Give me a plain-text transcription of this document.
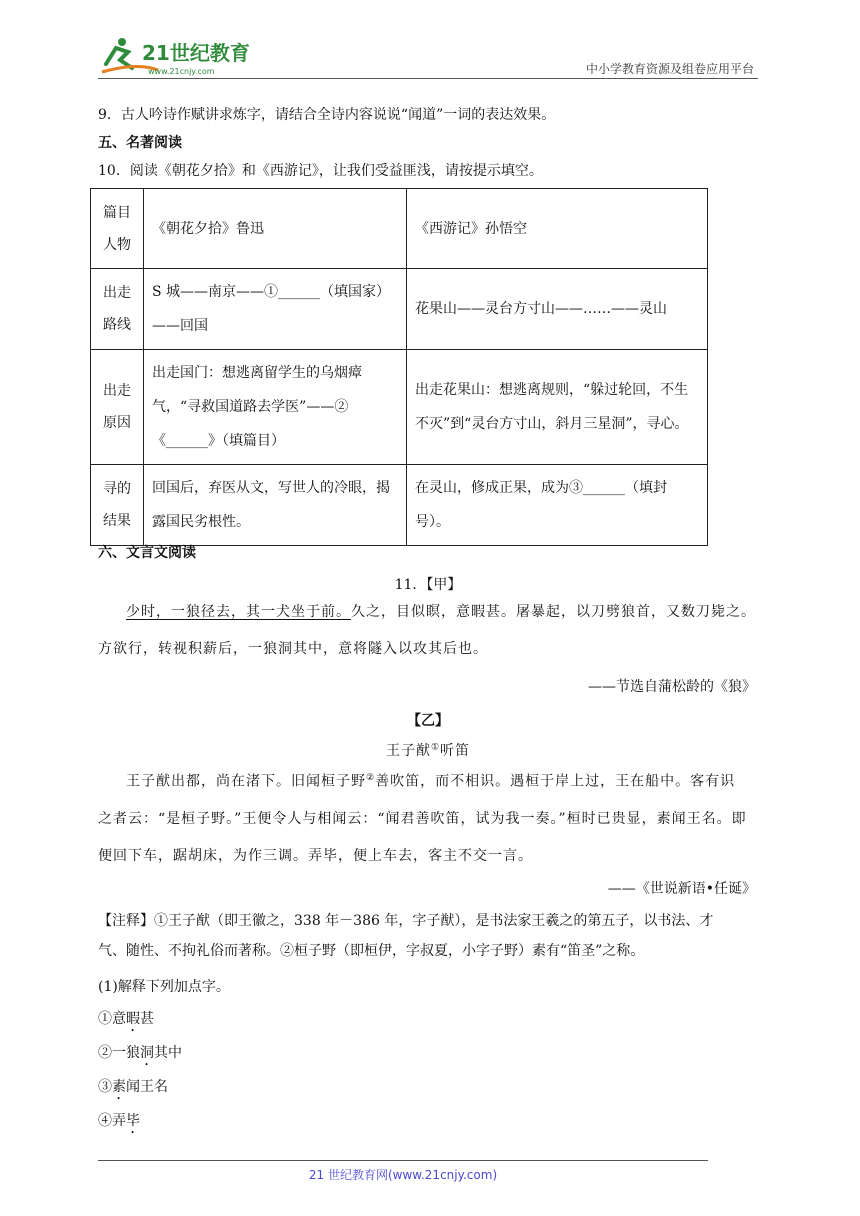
21世纪教育
www.21cnjy.com	中小学教育资源及组卷应用平台
9．古人吟诗作赋讲求炼字，请结合全诗内容说说“闻道”一词的表达效果。
五、名著阅读
10．阅读《朝花夕拾》和《西游记》，让我们受益匪浅，请按提示填空。
篇目人物	《朝花夕拾》鲁迅	《西游记》孙悟空
出走路线	S 城——南京——①______（填国家）——回国	花果山——灵台方寸山——……——灵山
出走原因	出走国门：想逃离留学生的乌烟瘴气，“寻救国道路去学医”——②《______》（填篇目）	出走花果山：想逃离规则，“躲过轮回，不生不灭”到“灵台方寸山，斜月三星洞”，寻心。
寻的结果	回国后，弃医从文，写世人的冷眼，揭露国民劣根性。	在灵山，修成正果，成为③______（填封号）。
六、文言文阅读
11．【甲】
少时，一狼径去，其一犬坐于前。久之，目似瞑，意暇甚。屠暴起，以刀劈狼首，又数刀毙之。方欲行，转视积薪后，一狼洞其中，意将隧入以攻其后也。
——节选自蒲松龄的《狼》
【乙】
王子猷①听笛
王子猷出都，尚在渚下。旧闻桓子野②善吹笛，而不相识。遇桓于岸上过，王在船中。客有识
之者云：“是桓子野。”王便令人与相闻云：“闻君善吹笛，试为我一奏。”桓时已贵显，素闻王名。即
便回下车，踞胡床，为作三调。弄毕，便上车去，客主不交一言。
——《世说新语•任诞》
【注释】①王子猷（即王徽之，338 年－386 年，字子猷），是书法家王羲之的第五子，以书法、才
气、随性、不拘礼俗而著称。②桓子野（即桓伊，字叔夏，小字子野）素有“笛圣”之称。
(1)解释下列加点字。
①意暇甚
②一狼洞其中
③素闻王名
④弄毕
21 世纪教育网(www.21cnjy.com)
